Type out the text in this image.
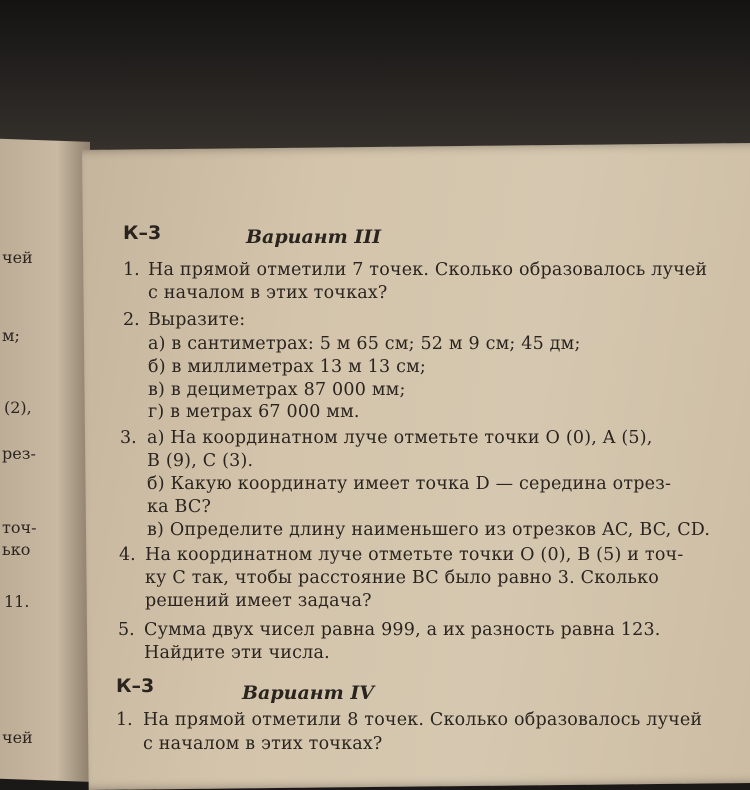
чей
м;
(2),
рез-
точ-
ько
11.
чей
К–3	Вариант III
1. На прямой отметили 7 точек. Сколько образовалось лучей
с началом в этих точках?
2. Выразите:
а) в сантиметрах: 5 м 65 см; 52 м 9 см; 45 дм;
б) в миллиметрах 13 м 13 см;
в) в дециметрах 87 000 мм;
г) в метрах 67 000 мм.
3. а) На координатном луче отметьте точки O (0), A (5),
B (9), C (3).
б) Какую координату имеет точка D — середина отрез-
ка BC?
в) Определите длину наименьшего из отрезков AC, BC, CD.
4. На координатном луче отметьте точки O (0), B (5) и точ-
ку C так, чтобы расстояние BC было равно 3. Сколько
решений имеет задача?
5. Сумма двух чисел равна 999, а их разность равна 123.
Найдите эти числа.
К–3	Вариант IV
1. На прямой отметили 8 точек. Сколько образовалось лучей
с началом в этих точках?
